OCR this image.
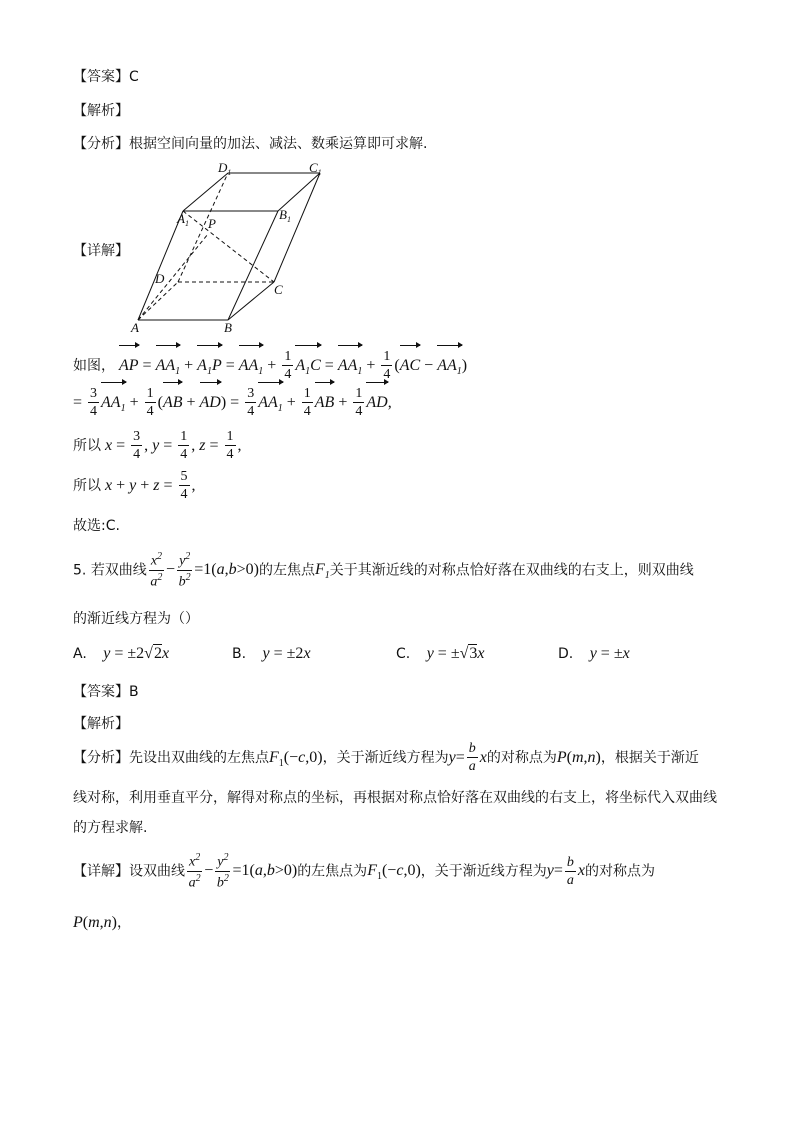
【答案】C
【解析】
【分析】根据空间向量的加法、减法、数乘运算即可求解.
【详解】
$D_1$	$C_1$
$A_1$
$B_1$
P
D
C
A	B
如图， AP = $AA_1 + A_1P = AA_1 + \frac{1}{4} A_1C = AA_1 + \frac{1}{4} (AC - AA_1)$
= $\frac{3}{4} AA_1 + \frac{1}{4} (AB + AD) = \frac{3}{4} AA_1 + \frac{1}{4}$ AB + $\frac{1}{4}$ AD,
所以 $x = \frac{3}{4}$ , $y = \frac{1}{4}$ , $z = \frac{1}{4}$ ,
所以 $x + y + z = \frac{5}{4}$ ,
故选:C.
5. 若双曲线 $\frac{x^2}{a^2} - \frac{y^2}{b^2} =1(a,b>0)$的左焦点$F_1$关于其渐近线的对称点恰好落在双曲线的右支上，则双曲线
的渐近线方程为（）
A. y = ±2√2x	B. y = ±2x	C. y = ±√3x	D. y = ±x
【答案】B
【解析】
【分析】先设出双曲线的左焦点$F_1(-c,0)$，关于渐近线方程为$y= \frac{b}{a}$ x的对称点为P(m,n)，根据关于渐近
线对称，利用垂直平分，解得对称点的坐标，再根据对称点恰好落在双曲线的右支上，将坐标代入双曲线
的方程求解.
【详解】设双曲线 $\frac{x^2}{a^2} - \frac{y^2}{b^2} =1(a,b>0)$的左焦点为$F_1(-c,0)$，关于渐近线方程为$y= \frac{b}{a}$ x的对称点为
P(m,n)，
